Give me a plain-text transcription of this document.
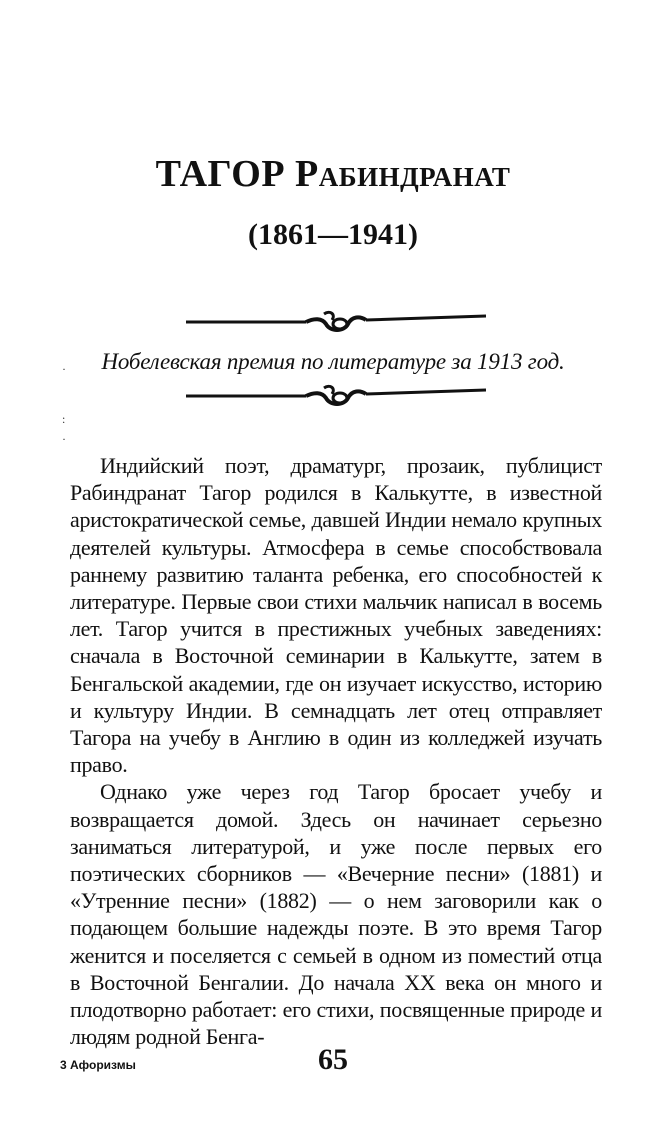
ТАГОР Рабиндранат
(1861—1941)
Нобелевская премия по литературе за 1913 год.
·
:
·

Индийский поэт, драматург, прозаик, публицист Рабиндранат Тагор родился в Калькутте, в известной аристократической семье, давшей Индии немало крупных деятелей культуры. Атмосфера в семье способствовала раннему развитию таланта ребенка, его способностей к литературе. Первые свои стихи мальчик написал в восемь лет. Тагор учится в престижных учебных заведениях: сначала в Восточной семинарии в Калькутте, затем в Бенгальской академии, где он изучает искусство, историю и культуру Индии. В семнадцать лет отец отправляет Тагора на учебу в Англию в один из колледжей изучать право.

Однако уже через год Тагор бросает учебу и возвращается домой. Здесь он начинает серьезно заниматься литературой, и уже после первых его поэтических сборников — «Вечерние песни» (1881) и «Утренние песни» (1882) — о нем заговорили как о подающем большие надежды поэте. В это время Тагор женится и поселяется с семьей в одном из поместий отца в Восточной Бенгалии. До начала XX века он много и плодотворно работает: его стихи, посвященные природе и людям родной Бенга-

3 Афоризмы	65
